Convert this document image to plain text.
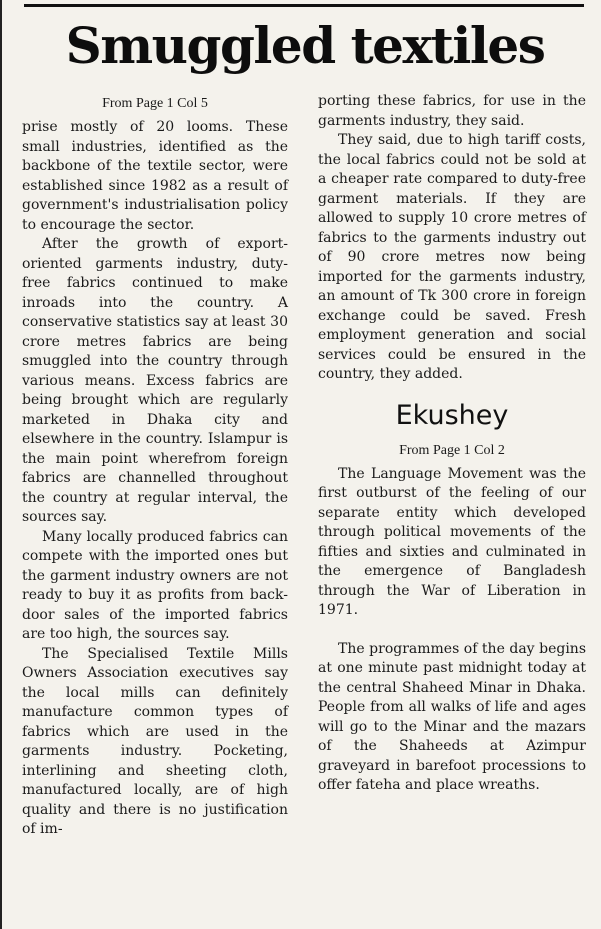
Smuggled textiles
From Page 1 Col 5

prise mostly of 20 looms. These small industries, identified as the backbone of the textile sector, were established since 1982 as a result of government's industrialisation policy to encourage the sector.

After the growth of export-oriented garments industry, duty-free fabrics continued to make inroads into the country. A conservative statistics say at least 30 crore metres fabrics are being smuggled into the country through various means. Excess fabrics are being brought which are regularly marketed in Dhaka city and elsewhere in the country. Islampur is the main point wherefrom foreign fabrics are channelled throughout the country at regular interval, the sources say.

Many locally produced fabrics can compete with the imported ones but the garment industry owners are not ready to buy it as profits from back-door sales of the imported fabrics are too high, the sources say.

The Specialised Textile Mills Owners Association executives say the local mills can definitely manufacture common types of fabrics which are used in the garments industry. Pocketing, interlining and sheeting cloth, manufactured locally, are of high quality and there is no justification of im-

porting these fabrics, for use in the garments industry, they said.

They said, due to high tariff costs, the local fabrics could not be sold at a cheaper rate compared to duty-free garment materials. If they are allowed to supply 10 crore metres of fabrics to the garments industry out of 90 crore metres now being imported for the garments industry, an amount of Tk 300 crore in foreign exchange could be saved. Fresh employment generation and social services could be ensured in the country, they added.

Ekushey
From Page 1 Col 2

The Language Movement was the first outburst of the feeling of our separate entity which developed through political movements of the fifties and sixties and culminated in the emergence of Bangladesh through the War of Liberation in 1971.

The programmes of the day begins at one minute past midnight today at the central Shaheed Minar in Dhaka. People from all walks of life and ages will go to the Minar and the mazars of the Shaheeds at Azimpur graveyard in barefoot processions to offer fateha and place wreaths.
